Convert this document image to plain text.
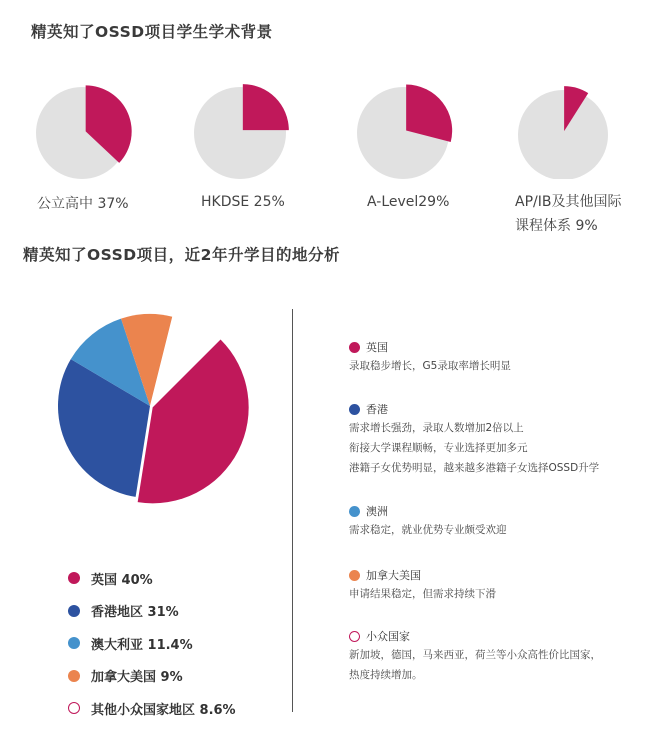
精英知了OSSD项目学生学术背景
公立高中 37%	HKDSE 25%	A-Level29%	AP/IB及其他国际
课程体系 9%
精英知了OSSD项目，近2年升学目的地分析
英国 40%
香港地区 31%
澳大利亚 11.4%
加拿大美国 9%
其他小众国家地区 8.6%
英国
录取稳步增长，G5录取率增长明显
香港
需求增长强劲，录取人数增加2倍以上
衔接大学课程顺畅，专业选择更加多元
港籍子女优势明显，越来越多港籍子女选择OSSD升学
澳洲
需求稳定，就业优势专业颇受欢迎
加拿大美国
申请结果稳定，但需求持续下滑
小众国家
新加坡，德国，马来西亚，荷兰等小众高性价比国家，
热度持续增加。
